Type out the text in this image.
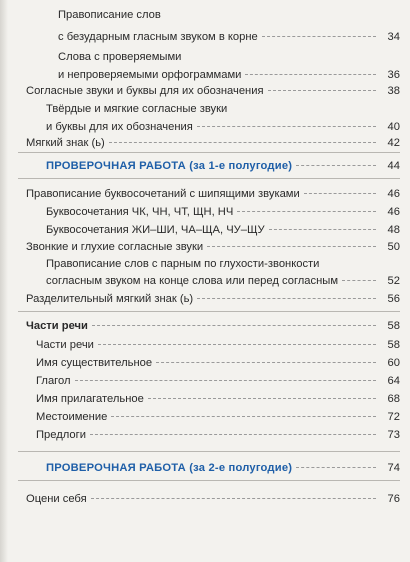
Правописание слов
с безударным гласным звуком в корне	34
Слова с проверяемыми
и непроверяемыми орфограммами	36
Согласные звуки и буквы для их обозначения	38
Твёрдые и мягкие согласные звуки
и буквы для их обозначения	40
Мягкий знак (ь)	42
ПРОВЕРОЧНАЯ РАБОТА (за 1-е полугодие)	44
Правописание буквосочетаний с шипящими звуками	46
Буквосочетания ЧК, ЧН, ЧТ, ЩН, НЧ	46
Буквосочетания ЖИ–ШИ, ЧА–ЩА, ЧУ–ЩУ	48
Звонкие и глухие согласные звуки	50
Правописание слов с парным по глухости-звонкости
согласным звуком на конце слова или перед согласным	52
Разделительный мягкий знак (ь)	56
Части речи	58
Части речи	58
Имя существительное	60
Глагол	64
Имя прилагательное	68
Местоимение	72
Предлоги	73
ПРОВЕРОЧНАЯ РАБОТА (за 2-е полугодие)	74
Оцени себя	76
